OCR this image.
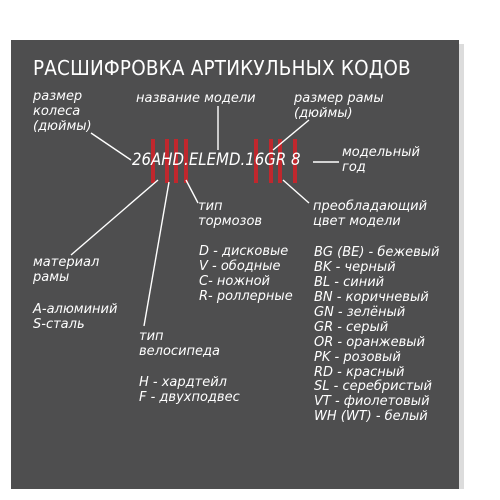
РАСШИФРОВКА АРТИКУЛЬНЫХ КОДОВ
26AHD.ELEMD.16GR 8
размер
колеса
(дюймы)
название модели	размер рамы
(дюймы)
модельный
год
тип
тормозов
преобладающий
цвет модели
D - дисковые
V - ободные
C- ножной
R- роллерные
BG (BE) - бежевый
BK - черный
BL - синий
BN - коричневый
GN - зелёный
GR - серый
OR - оранжевый
PK - розовый
RD - красный
SL - серебристый
VT - фиолетовый
WH (WT) - белый
материал
рамы
A-алюминий
S-сталь
тип
велосипеда
H - хардтейл
F - двухподвес
